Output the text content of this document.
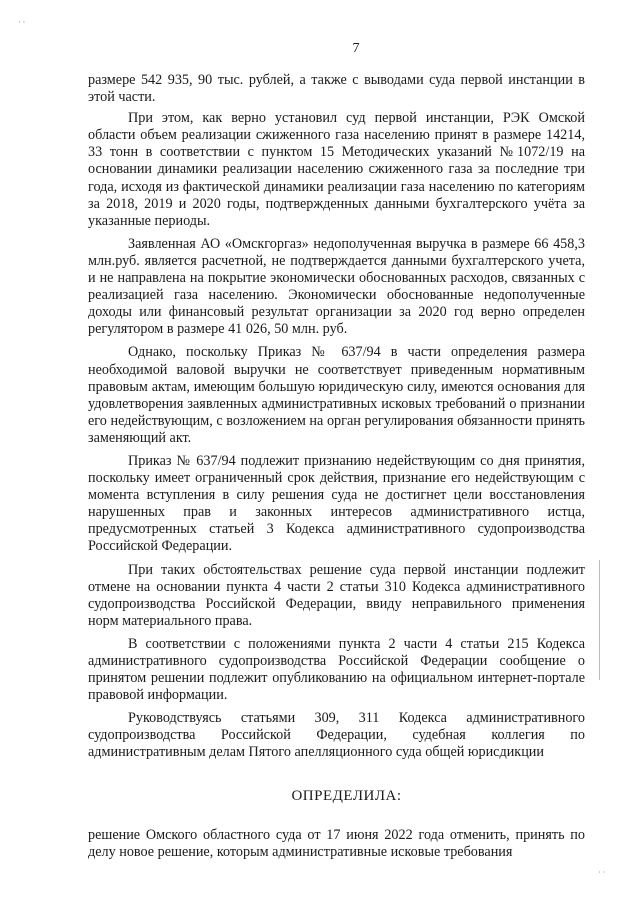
· ·
· ·
7

размере 542 935, 90 тыс. рублей, а также с выводами суда первой инстанции в этой части.

При этом, как верно установил суд первой инстанции, РЭК Омской области объем реализации сжиженного газа населению принят в размере 14214, 33 тонн в соответствии с пунктом 15 Методических указаний №1072/19 на основании динамики реализации населению сжиженного газа за последние три года, исходя из фактической динамики реализации газа населению по категориям за 2018, 2019 и 2020 годы, подтвержденных данными бухгалтерского учёта за указанные периоды.

Заявленная АО «Омскгоргаз» недополученная выручка в размере 66 458,3 млн.руб. является расчетной, не подтверждается данными бухгалтерского учета, и не направлена на покрытие экономически обоснованных расходов, связанных с реализацией газа населению. Экономически обоснованные недополученные доходы или финансовый результат организации за 2020 год верно определен регулятором в размере 41 026, 50 млн. руб.

Однако, поскольку Приказ № 637/94 в части определения размера необходимой валовой выручки не соответствует приведенным нормативным правовым актам, имеющим большую юридическую силу, имеются основания для удовлетворения заявленных административных исковых требований о признании его недействующим, с возложением на орган регулирования обязанности принять заменяющий акт.

Приказ № 637/94 подлежит признанию недействующим со дня принятия, поскольку имеет ограниченный срок действия, признание его недействующим с момента вступления в силу решения суда не достигнет цели восстановления нарушенных прав и законных интересов административного истца, предусмотренных статьей 3 Кодекса административного судопроизводства Российской Федерации.

При таких обстоятельствах решение суда первой инстанции подлежит отмене на основании пункта 4 части 2 статьи 310 Кодекса административного судопроизводства Российской Федерации, ввиду неправильного применения норм материального права.

В соответствии с положениями пункта 2 части 4 статьи 215 Кодекса административного судопроизводства Российской Федерации сообщение о принятом решении подлежит опубликованию на официальном интернет-портале правовой информации.

Руководствуясь статьями 309, 311 Кодекса административного судопроизводства Российской Федерации, судебная коллегия по административным делам Пятого апелляционного суда общей юрисдикции

ОПРЕДЕЛИЛА:

решение Омского областного суда от 17 июня 2022 года отменить, принять по делу новое решение, которым административные исковые требования
